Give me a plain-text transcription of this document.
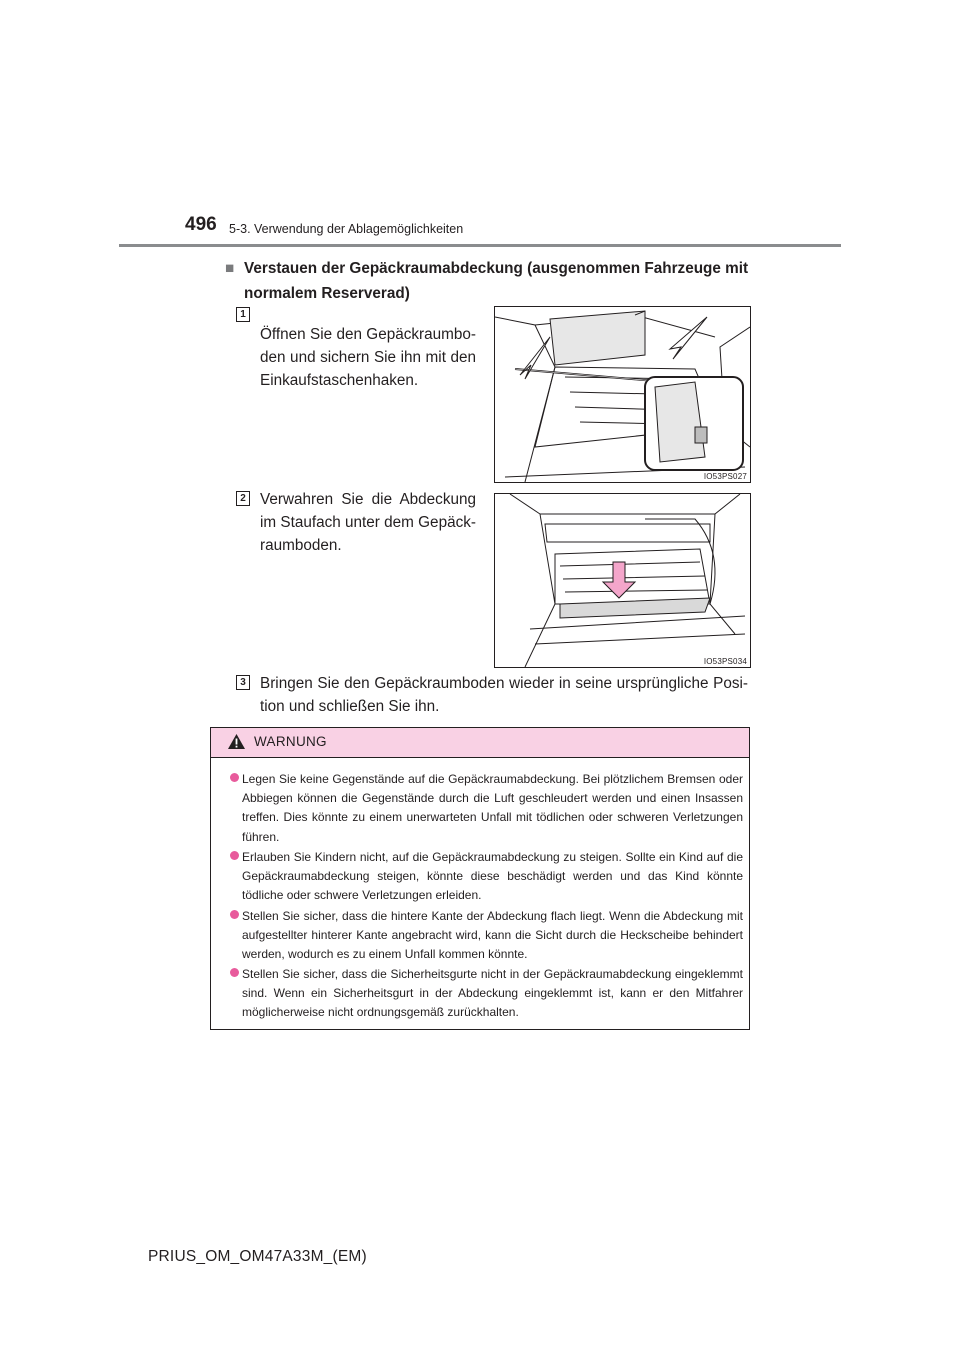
496 5-3. Verwendung der Ablagemöglichkeiten
■ Verstauen der Gepäckraumabdeckung (ausgenommen Fahrzeuge mit normalem Reserverad)
1
Öffnen Sie den Gepäckraumboden und sichern Sie ihn mit den Einkaufstaschenhaken.
IO53PS027
2 Verwahren Sie die Abdeckung im Staufach unter dem Gepäckraumboden.
IO53PS034
3 Bringen Sie den Gepäckraumboden wieder in seine ursprüngliche Position und schließen Sie ihn.
WARNUNG
Legen Sie keine Gegenstände auf die Gepäckraumabdeckung. Bei plötzlichem Bremsen oder Abbiegen können die Gegenstände durch die Luft geschleudert werden und einen Insassen treffen. Dies könnte zu einem unerwarteten Unfall mit tödlichen oder schweren Verletzungen führen.
Erlauben Sie Kindern nicht, auf die Gepäckraumabdeckung zu steigen. Sollte ein Kind auf die Gepäckraumabdeckung steigen, könnte diese beschädigt werden und das Kind könnte tödliche oder schwere Verletzungen erleiden.
Stellen Sie sicher, dass die hintere Kante der Abdeckung flach liegt. Wenn die Abdeckung mit aufgestellter hinterer Kante angebracht wird, kann die Sicht durch die Heckscheibe behindert werden, wodurch es zu einem Unfall kommen könnte.
Stellen Sie sicher, dass die Sicherheitsgurte nicht in der Gepäckraumabdeckung eingeklemmt sind. Wenn ein Sicherheitsgurt in der Abdeckung eingeklemmt ist, kann er den Mitfahrer möglicherweise nicht ordnungsgemäß zurückhalten.
PRIUS_OM_OM47A33M_(EM)
